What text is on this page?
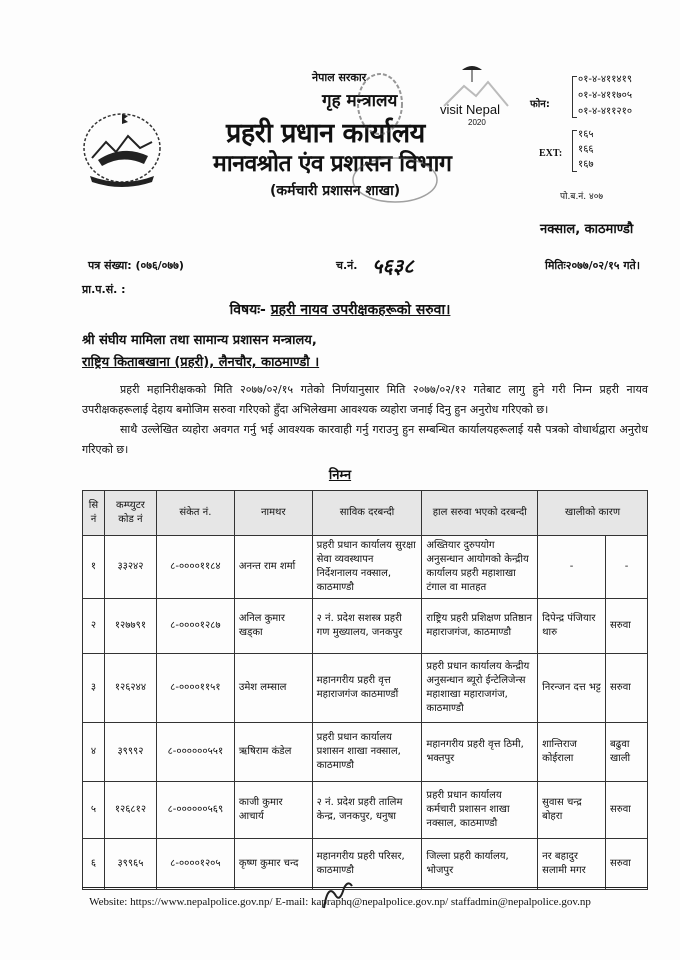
नेपाल सरकार
गृह मन्त्रालय
प्रहरी प्रधान कार्यालय
मानवश्रोत एंव प्रशासन विभाग
(कर्मचारी प्रशासन शाखा)
visit Nepal
2020
फोन:
०१-४-४११४१९
०१-४-४११७०५
०१-४-४११२१०
EXT:
१६५
१६६
१६७
पो.ब.नं. ४०७
नक्साल, काठमाण्डौ
पत्र संख्या: (०७६/०७७)	च.नं. ५६३८	मितिः२०७७/०२/१५ गते।
प्रा.प.सं. :
विषयः- प्रहरी नायव उपरीक्षकहरूको सरुवा।
श्री संघीय मामिला तथा सामान्य प्रशासन मन्त्रालय,
राष्ट्रिय किताबखाना (प्रहरी), लैनचौर, काठमाण्डौ ।
प्रहरी महानिरीक्षकको मिति २०७७/०२/१५ गतेको निर्णयानुसार मिति २०७७/०२/१२ गतेबाट लागु हुने गरी निम्न प्रहरी नायव उपरीक्षकहरूलाई देहाय बमोजिम सरुवा गरिएको हुँदा अभिलेखमा आवश्यक व्यहोरा जनाई दिनु हुन अनुरोध गरिएको छ।
साथै उल्लेखित व्यहोरा अवगत गर्नु भई आवश्यक कारवाही गर्नु गराउनु हुन सम्बन्धित कार्यालयहरूलाई यसै पत्रको वोधार्थद्वारा अनुरोध गरिएको छ।
निम्न
सि नं	कम्प्युटर कोड नं	संकेत नं.	नामथर	साविक दरबन्दी	हाल सरुवा भएको दरबन्दी	खालीको कारण	
१	३३२४२	८-००००११८४	अनन्त राम शर्मा	प्रहरी प्रधान कार्यालय सुरक्षा सेवा व्यवस्थापन निर्देशनालय नक्साल, काठमाण्डौ	अख्तियार दुरुपयोग अनुसन्धान आयोगको केन्द्रीय कार्यालय प्रहरी महाशाखा टंगाल वा मातहत	-	-
२	१२७७९१	८-००००१२८७	अनिल कुमार खड्का	२ नं. प्रदेश सशस्त्र प्रहरी गण मुख्यालय, जनकपुर	राष्ट्रिय प्रहरी प्रशिक्षण प्रतिष्ठान महाराजगंज, काठमाण्डौ	दिपेन्द्र पंजियार थारु	सरुवा
३	१२६२४४	८-००००११५१	उमेश लम्साल	महानगरीय प्रहरी वृत्त महाराजगंज काठमाण्डौं	प्रहरी प्रधान कार्यालय केन्द्रीय अनुसन्धान ब्यूरो ईन्टेलिजेन्स महाशाखा महाराजगंज, काठमाण्डौ	निरन्जन दत्त भट्ट	सरुवा
४	३९९९२	८-००००००५५१	ऋषिराम कंडेल	प्रहरी प्रधान कार्यालय प्रशासन शाखा नक्साल, काठमाण्डौ	महानगरीय प्रहरी वृत्त ठिमी, भक्तपुर	शान्तिराज कोईराला	बढुवा खाली
५	१२६८१२	८-००००००५६९	काजी कुमार आचार्य	२ नं. प्रदेश प्रहरी तालिम केन्द्र, जनकपुर, धनुषा	प्रहरी प्रधान कार्यालय कर्मचारी प्रशासन शाखा नक्साल, काठमाण्डौ	सुवास चन्द्र बोहरा	सरुवा
६	३९९६५	८-००००१२०५	कृष्ण कुमार चन्द	महानगरीय प्रहरी परिसर, काठमाण्डौ	जिल्ला प्रहरी कार्यालय, भोजपुर	नर बहादुर सलामी मगर	सरुवा
Website: https://www.nepalpolice.gov.np/ E-mail: kapraphq@nepalpolice.gov.np/ staffadmin@nepalpolice.gov.np
